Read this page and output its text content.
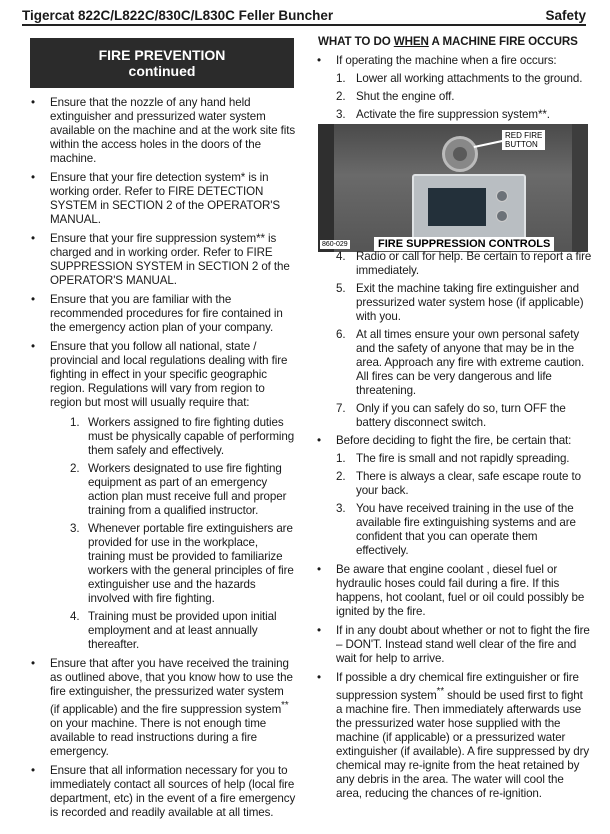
Tigercat 822C/L822C/830C/L830C Feller Buncher	Safety
FIRE PREVENTION
continued
• Ensure that the nozzle of any hand held extinguisher and pressurized water system available on the machine and at the work site fits within the access holes in the doors of the machine.
• Ensure that your fire detection system* is in working order. Refer to FIRE DETECTION SYSTEM in SECTION 2 of the OPERATOR'S MANUAL.
• Ensure that your fire suppression system** is charged and in working order. Refer to FIRE SUPPRESSION SYSTEM in SECTION 2 of the OPERATOR'S MANUAL.
• Ensure that you are familiar with the recommended procedures for fire contained in the emergency action plan of your company.
• Ensure that you follow all national, state / provincial and local regulations dealing with fire fighting in effect in your specific geographic region. Regulations will vary from region to region but most will usually require that:
1. Workers assigned to fire fighting duties must be physically capable of performing them safely and effectively.
2. Workers designated to use fire fighting equipment as part of an emergency action plan must receive full and proper training from a qualified instructor.
3. Whenever portable fire extinguishers are provided for use in the workplace, training must be provided to familiarize workers with the general principles of fire extinguisher use and the hazards involved with fire fighting.
4. Training must be provided upon initial employment and at least annually thereafter.
• Ensure that after you have received the training as outlined above, that you know how to use the fire extinguisher, the pressurized water system (if applicable) and the fire suppression system** on your machine. There is not enough time available to read instructions during a fire emergency.
• Ensure that all information necessary for you to immediately contact all sources of help (local fire department, etc) in the event of a fire emergency is recorded and readily available at all times.
WHAT TO DO WHEN A MACHINE FIRE OCCURS
• If operating the machine when a fire occurs:
1. Lower all working attachments to the ground.
2. Shut the engine off.
3. Activate the fire suppression system**.
RED FIRE
BUTTON
860-029	FIRE SUPPRESSION CONTROLS
4. Radio or call for help. Be certain to report a fire immediately.
5. Exit the machine taking fire extinguisher and pressurized water system hose (if applicable) with you.
6. At all times ensure your own personal safety and the safety of anyone that may be in the area. Approach any fire with extreme caution. All fires can be very dangerous and life threatening.
7. Only if you can safely do so, turn OFF the battery disconnect switch.
• Before deciding to fight the fire, be certain that:
1. The fire is small and not rapidly spreading.
2. There is always a clear, safe escape route to your back.
3. You have received training in the use of the available fire extinguishing systems and are confident that you can operate them effectively.
• Be aware that engine coolant , diesel fuel or hydraulic hoses could fail during a fire. If this happens, hot coolant, fuel or oil could possibly be ignited by the fire.
• If in any doubt about whether or not to fight the fire – DON'T. Instead stand well clear of the fire and wait for help to arrive.
• If possible a dry chemical fire extinguisher or fire suppression system** should be used first to fight a machine fire. Then immediately afterwards use the pressurized water hose supplied with the machine (if applicable) or a pressurized water extinguisher (if available). A fire suppressed by dry chemical may re-ignite from the heat retained by any debris in the area. The water will cool the area, reducing the chances of re-ignition.
